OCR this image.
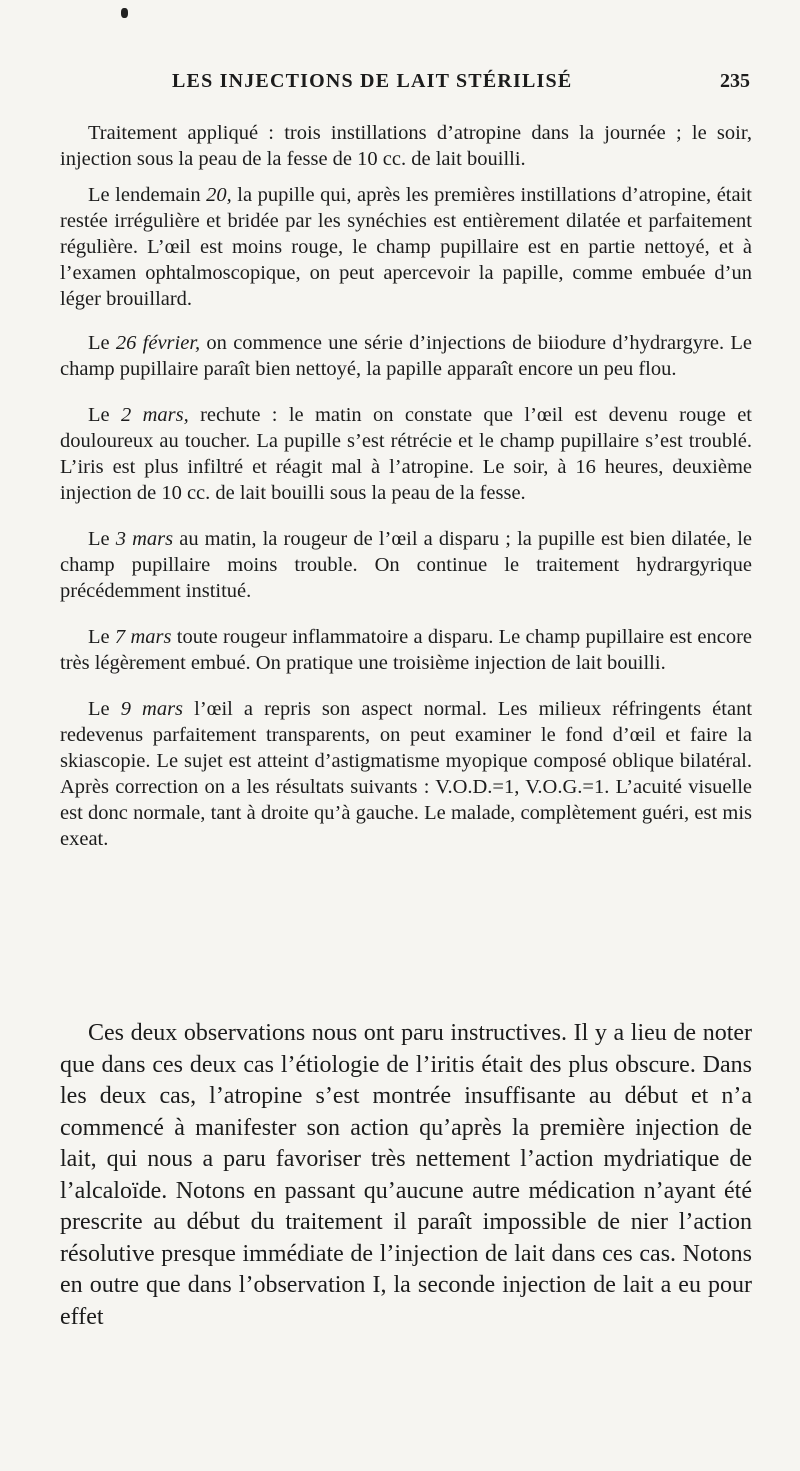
LES INJECTIONS DE LAIT STÉRILISÉ	235

Traitement appliqué : trois instillations d’atropine dans la journée ; le soir, injection sous la peau de la fesse de 10 cc. de lait bouilli.

Le lendemain 20, la pupille qui, après les premières instillations d’atropine, était restée irrégulière et bridée par les synéchies est entièrement dilatée et parfaitement régulière. L’œil est moins rouge, le champ pupillaire est en partie nettoyé, et à l’examen ophtalmoscopique, on peut apercevoir la papille, comme embuée d’un léger brouillard.

Le 26 février, on commence une série d’injections de biiodure d’hydrargyre. Le champ pupillaire paraît bien nettoyé, la papille apparaît encore un peu flou.

Le 2 mars, rechute : le matin on constate que l’œil est devenu rouge et douloureux au toucher. La pupille s’est rétrécie et le champ pupillaire s’est troublé. L’iris est plus infiltré et réagit mal à l’atropine. Le soir, à 16 heures, deuxième injection de 10 cc. de lait bouilli sous la peau de la fesse.

Le 3 mars au matin, la rougeur de l’œil a disparu ; la pupille est bien dilatée, le champ pupillaire moins trouble. On continue le traitement hydrargyrique précédemment institué.

Le 7 mars toute rougeur inflammatoire a disparu. Le champ pupillaire est encore très légèrement embué. On pratique une troisième injection de lait bouilli.

Le 9 mars l’œil a repris son aspect normal. Les milieux réfringents étant redevenus parfaitement transparents, on peut examiner le fond d’œil et faire la skiascopie. Le sujet est atteint d’astigmatisme myopique composé oblique bilatéral. Après correction on a les résultats suivants : V.O.D.=1, V.O.G.=1. L’acuité visuelle est donc normale, tant à droite qu’à gauche. Le malade, complètement guéri, est mis exeat.

Ces deux observations nous ont paru instructives. Il y a lieu de noter que dans ces deux cas l’étiologie de l’iritis était des plus obscure. Dans les deux cas, l’atropine s’est montrée insuffisante au début et n’a commencé à manifester son action qu’après la première injection de lait, qui nous a paru favoriser très nettement l’action mydriatique de l’alcaloïde. Notons en passant qu’aucune autre médication n’ayant été prescrite au début du traitement il paraît impossible de nier l’action résolutive presque immédiate de l’injection de lait dans ces cas. Notons en outre que dans l’observation I, la seconde injection de lait a eu pour effet
